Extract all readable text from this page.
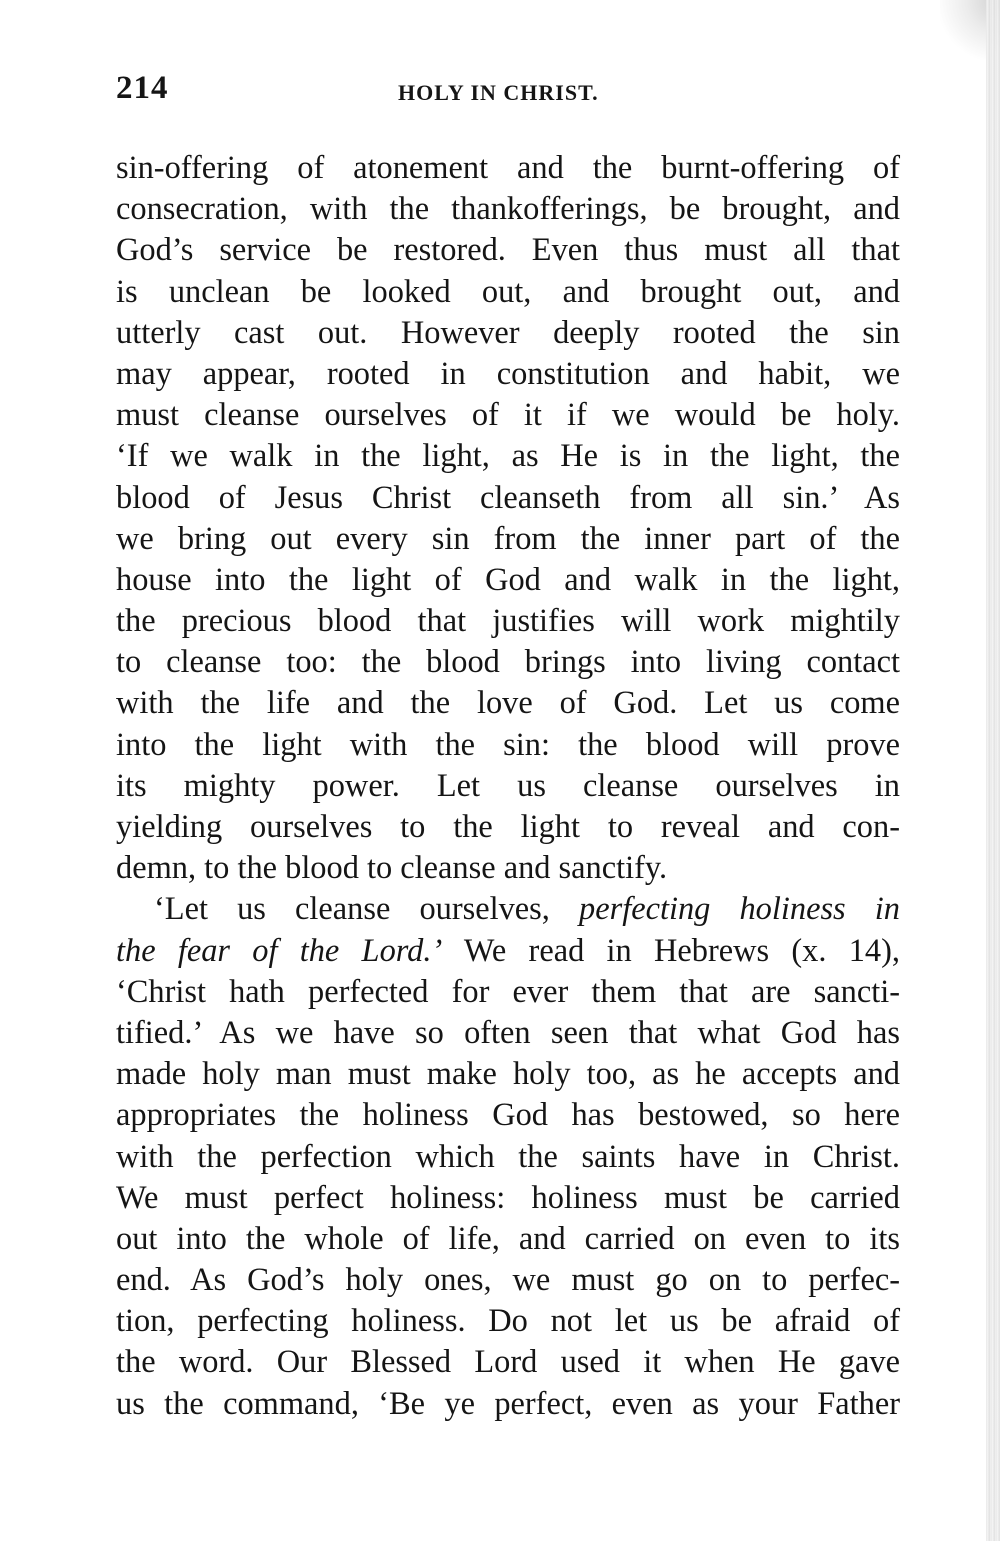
214	HOLY IN CHRIST.
sin-offering of atonement and the burnt-offering of
consecration, with the thankofferings, be brought, and
God’s service be restored. Even thus must all that
is unclean be looked out, and brought out, and
utterly cast out. However deeply rooted the sin
may appear, rooted in constitution and habit, we
must cleanse ourselves of it if we would be holy.
‘If we walk in the light, as He is in the light, the
blood of Jesus Christ cleanseth from all sin.’ As
we bring out every sin from the inner part of the
house into the light of God and walk in the light,
the precious blood that justifies will work mightily
to cleanse too: the blood brings into living contact
with the life and the love of God. Let us come
into the light with the sin: the blood will prove
its mighty power. Let us cleanse ourselves in
yielding ourselves to the light to reveal and con-
demn, to the blood to cleanse and sanctify.
‘Let us cleanse ourselves, perfecting holiness in
the fear of the Lord.’ We read in Hebrews (x. 14),
‘Christ hath perfected for ever them that are sancti-
tified.’ As we have so often seen that what God has
made holy man must make holy too, as he accepts and
appropriates the holiness God has bestowed, so here
with the perfection which the saints have in Christ.
We must perfect holiness: holiness must be carried
out into the whole of life, and carried on even to its
end. As God’s holy ones, we must go on to perfec-
tion, perfecting holiness. Do not let us be afraid of
the word. Our Blessed Lord used it when He gave
us the command, ‘Be ye perfect, even as your Father
